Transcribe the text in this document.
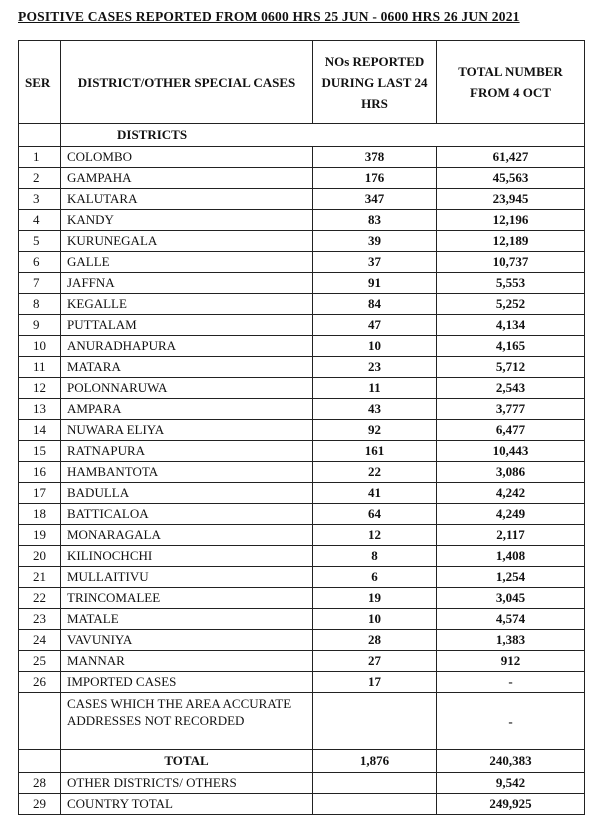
POSITIVE CASES REPORTED FROM 0600 HRS 25 JUN - 0600 HRS 26 JUN 2021
SER	DISTRICT/OTHER SPECIAL CASES	NOs REPORTED DURING LAST 24 HRS	TOTAL NUMBER FROM 4 OCT
	DISTRICTS		
1	COLOMBO	378	61,427
2	GAMPAHA	176	45,563
3	KALUTARA	347	23,945
4	KANDY	83	12,196
5	KURUNEGALA	39	12,189
6	GALLE	37	10,737
7	JAFFNA	91	5,553
8	KEGALLE	84	5,252
9	PUTTALAM	47	4,134
10	ANURADHAPURA	10	4,165
11	MATARA	23	5,712
12	POLONNARUWA	11	2,543
13	AMPARA	43	3,777
14	NUWARA ELIYA	92	6,477
15	RATNAPURA	161	10,443
16	HAMBANTOTA	22	3,086
17	BADULLA	41	4,242
18	BATTICALOA	64	4,249
19	MONARAGALA	12	2,117
20	KILINOCHCHI	8	1,408
21	MULLAITIVU	6	1,254
22	TRINCOMALEE	19	3,045
23	MATALE	10	4,574
24	VAVUNIYA	28	1,383
25	MANNAR	27	912
26	IMPORTED CASES	17	-
	CASES WHICH THE AREA ACCURATE ADDRESSES NOT RECORDED		-
	TOTAL	1,876	240,383
28	OTHER DISTRICTS/ OTHERS		9,542
29	COUNTRY TOTAL		249,925
